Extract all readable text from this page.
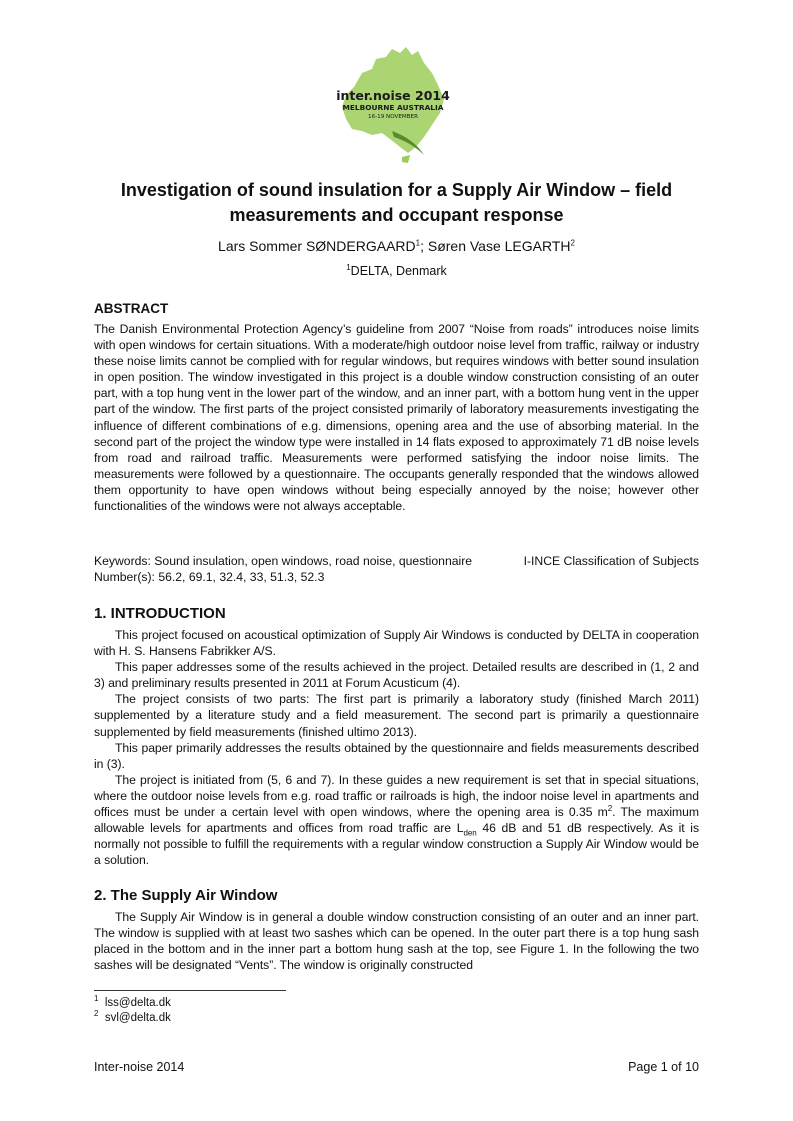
inter.noise 2014
MELBOURNE AUSTRALIA
16-19 NOVEMBER
Investigation of sound insulation for a Supply Air Window – field measurements and occupant response
Lars Sommer SØNDERGAARD$^1$; Søren Vase LEGARTH$^2$
$^1$DELTA, Denmark
ABSTRACT

The Danish Environmental Protection Agency’s guideline from 2007 “Noise from roads” introduces noise limits with open windows for certain situations. With a moderate/high outdoor noise level from traffic, railway or industry these noise limits cannot be complied with for regular windows, but requires windows with better sound insulation in open position. The window investigated in this project is a double window construction consisting of an outer part, with a top hung vent in the lower part of the window, and an inner part, with a bottom hung vent in the upper part of the window. The first parts of the project consisted primarily of laboratory measurements investigating the influence of different combinations of e.g. dimensions, opening area and the use of absorbing material. In the second part of the project the window type were installed in 14 flats exposed to approximately 71 dB noise levels from road and railroad traffic. Measurements were performed satisfying the indoor noise limits. The measurements were followed by a questionnaire. The occupants generally responded that the windows allowed them opportunity to have open windows without being especially annoyed by the noise; however other functionalities of the windows were not always acceptable.

Keywords: Sound insulation, open windows, road noise, questionnaire	I-INCE Classification of Subjects

Number(s): 56.2, 69.1, 32.4, 33, 51.3, 52.3
1. INTRODUCTION

This project focused on acoustical optimization of Supply Air Windows is conducted by DELTA in cooperation with H. S. Hansens Fabrikker A/S.

This paper addresses some of the results achieved in the project. Detailed results are described in (1, 2 and 3) and preliminary results presented in 2011 at Forum Acusticum (4).

The project consists of two parts: The first part is primarily a laboratory study (finished March 2011) supplemented by a literature study and a field measurement. The second part is primarily a questionnaire supplemented by field measurements (finished ultimo 2013).

This paper primarily addresses the results obtained by the questionnaire and fields measurements described in (3).

The project is initiated from (5, 6 and 7). In these guides a new requirement is set that in special situations, where the outdoor noise levels from e.g. road traffic or railroads is high, the indoor noise level in apartments and offices must be under a certain level with open windows, where the opening area is 0.35 $m^2$. The maximum allowable levels for apartments and offices from road traffic are $L_{den}$ 46 dB and 51 dB respectively. As it is normally not possible to fulfill the requirements with a regular window construction a Supply Air Window would be a solution.

2. The Supply Air Window

The Supply Air Window is in general a double window construction consisting of an outer and an inner part. The window is supplied with at least two sashes which can be opened. In the outer part there is a top hung sash placed in the bottom and in the inner part a bottom hung sash at the top, see Figure 1. In the following the two sashes will be designated “Vents”. The window is originally constructed

$^1$ lss@delta.dk

$^2$ svl@delta.dk

Inter-noise 2014	Page 1 of 10
